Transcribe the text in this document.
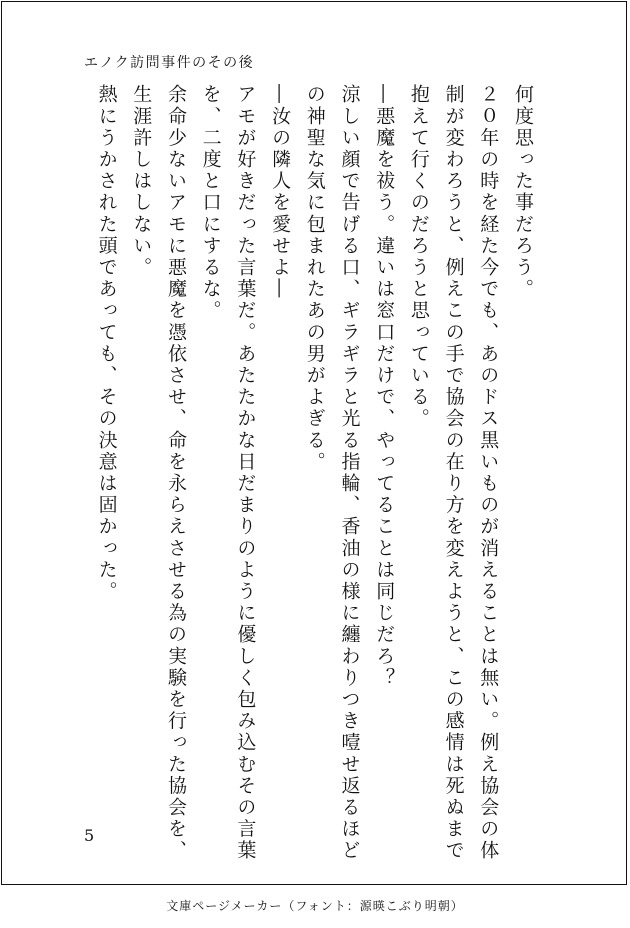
エノク訪問事件のその後
何度思った事だろう。
２０年の時を経た今でも、あのドス黒いものが消えることは無い。例え協会の体
制が変わろうと、例えこの手で協会の在り方を変えようと、この感情は死ぬまで
抱えて行くのだろうと思っている。
―悪魔を祓う。違いは窓口だけで、やってることは同じだろ？
涼しい顔で告げる口、ギラギラと光る指輪、香油の様に纏わりつき噎せ返るほど
の神聖な気に包まれたあの男がよぎる。
―汝の隣人を愛せよ―
アモが好きだった言葉だ。あたたかな日だまりのように優しく包み込むその言葉
を、二度と口にするな。
余命少ないアモに悪魔を憑依させ、命を永らえさせる為の実験を行った協会を、
生涯許しはしない。
熱にうかされた頭であっても、その決意は固かった。
5
文庫ページメーカー（フォント：源暎こぶり明朝）
